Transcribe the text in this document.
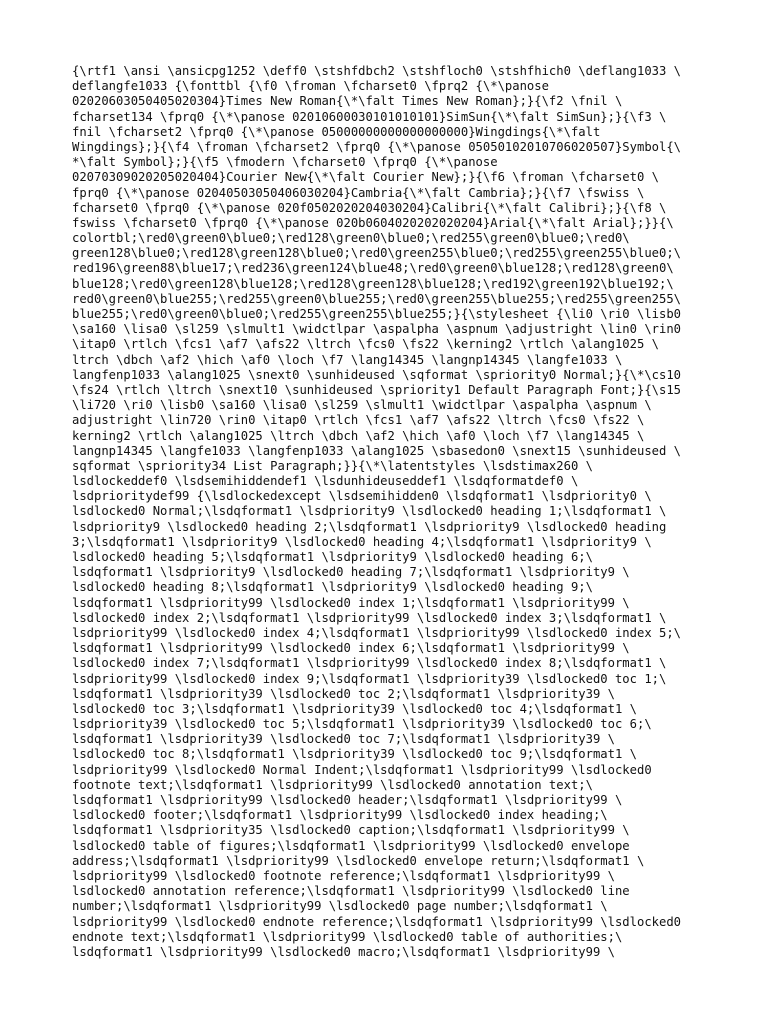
{\rtf1 \ansi \ansicpg1252 \deff0 \stshfdbch2 \stshfloch0 \stshfhich0 \deflang1033 \
deflangfe1033 {\fonttbl {\f0 \froman \fcharset0 \fprq2 {\*\panose
02020603050405020304}Times New Roman{\*\falt Times New Roman};}{\f2 \fnil \
fcharset134 \fprq0 {\*\panose 02010600030101010101}SimSun{\*\falt SimSun};}{\f3 \
fnil \fcharset2 \fprq0 {\*\panose 05000000000000000000}Wingdings{\*\falt
Wingdings};}{\f4 \froman \fcharset2 \fprq0 {\*\panose 05050102010706020507}Symbol{\
*\falt Symbol};}{\f5 \fmodern \fcharset0 \fprq0 {\*\panose
02070309020205020404}Courier New{\*\falt Courier New};}{\f6 \froman \fcharset0 \
fprq0 {\*\panose 02040503050406030204}Cambria{\*\falt Cambria};}{\f7 \fswiss \
fcharset0 \fprq0 {\*\panose 020f0502020204030204}Calibri{\*\falt Calibri};}{\f8 \
fswiss \fcharset0 \fprq0 {\*\panose 020b0604020202020204}Arial{\*\falt Arial};}}{\
colortbl;\red0\green0\blue0;\red128\green0\blue0;\red255\green0\blue0;\red0\
green128\blue0;\red128\green128\blue0;\red0\green255\blue0;\red255\green255\blue0;\
red196\green88\blue17;\red236\green124\blue48;\red0\green0\blue128;\red128\green0\
blue128;\red0\green128\blue128;\red128\green128\blue128;\red192\green192\blue192;\
red0\green0\blue255;\red255\green0\blue255;\red0\green255\blue255;\red255\green255\
blue255;\red0\green0\blue0;\red255\green255\blue255;}{\stylesheet {\li0 \ri0 \lisb0
\sa160 \lisa0 \sl259 \slmult1 \widctlpar \aspalpha \aspnum \adjustright \lin0 \rin0
\itap0 \rtlch \fcs1 \af7 \afs22 \ltrch \fcs0 \fs22 \kerning2 \rtlch \alang1025 \
ltrch \dbch \af2 \hich \af0 \loch \f7 \lang14345 \langnp14345 \langfe1033 \
langfenp1033 \alang1025 \snext0 \sunhideused \sqformat \spriority0 Normal;}{\*\cs10
\fs24 \rtlch \ltrch \snext10 \sunhideused \spriority1 Default Paragraph Font;}{\s15
\li720 \ri0 \lisb0 \sa160 \lisa0 \sl259 \slmult1 \widctlpar \aspalpha \aspnum \
adjustright \lin720 \rin0 \itap0 \rtlch \fcs1 \af7 \afs22 \ltrch \fcs0 \fs22 \
kerning2 \rtlch \alang1025 \ltrch \dbch \af2 \hich \af0 \loch \f7 \lang14345 \
langnp14345 \langfe1033 \langfenp1033 \alang1025 \sbasedon0 \snext15 \sunhideused \
sqformat \spriority34 List Paragraph;}}{\*\latentstyles \lsdstimax260 \
lsdlockeddef0 \lsdsemihiddendef1 \lsdunhideuseddef1 \lsdqformatdef0 \
lsdprioritydef99 {\lsdlockedexcept \lsdsemihidden0 \lsdqformat1 \lsdpriority0 \
lsdlocked0 Normal;\lsdqformat1 \lsdpriority9 \lsdlocked0 heading 1;\lsdqformat1 \
lsdpriority9 \lsdlocked0 heading 2;\lsdqformat1 \lsdpriority9 \lsdlocked0 heading
3;\lsdqformat1 \lsdpriority9 \lsdlocked0 heading 4;\lsdqformat1 \lsdpriority9 \
lsdlocked0 heading 5;\lsdqformat1 \lsdpriority9 \lsdlocked0 heading 6;\
lsdqformat1 \lsdpriority9 \lsdlocked0 heading 7;\lsdqformat1 \lsdpriority9 \
lsdlocked0 heading 8;\lsdqformat1 \lsdpriority9 \lsdlocked0 heading 9;\
lsdqformat1 \lsdpriority99 \lsdlocked0 index 1;\lsdqformat1 \lsdpriority99 \
lsdlocked0 index 2;\lsdqformat1 \lsdpriority99 \lsdlocked0 index 3;\lsdqformat1 \
lsdpriority99 \lsdlocked0 index 4;\lsdqformat1 \lsdpriority99 \lsdlocked0 index 5;\
lsdqformat1 \lsdpriority99 \lsdlocked0 index 6;\lsdqformat1 \lsdpriority99 \
lsdlocked0 index 7;\lsdqformat1 \lsdpriority99 \lsdlocked0 index 8;\lsdqformat1 \
lsdpriority99 \lsdlocked0 index 9;\lsdqformat1 \lsdpriority39 \lsdlocked0 toc 1;\
lsdqformat1 \lsdpriority39 \lsdlocked0 toc 2;\lsdqformat1 \lsdpriority39 \
lsdlocked0 toc 3;\lsdqformat1 \lsdpriority39 \lsdlocked0 toc 4;\lsdqformat1 \
lsdpriority39 \lsdlocked0 toc 5;\lsdqformat1 \lsdpriority39 \lsdlocked0 toc 6;\
lsdqformat1 \lsdpriority39 \lsdlocked0 toc 7;\lsdqformat1 \lsdpriority39 \
lsdlocked0 toc 8;\lsdqformat1 \lsdpriority39 \lsdlocked0 toc 9;\lsdqformat1 \
lsdpriority99 \lsdlocked0 Normal Indent;\lsdqformat1 \lsdpriority99 \lsdlocked0
footnote text;\lsdqformat1 \lsdpriority99 \lsdlocked0 annotation text;\
lsdqformat1 \lsdpriority99 \lsdlocked0 header;\lsdqformat1 \lsdpriority99 \
lsdlocked0 footer;\lsdqformat1 \lsdpriority99 \lsdlocked0 index heading;\
lsdqformat1 \lsdpriority35 \lsdlocked0 caption;\lsdqformat1 \lsdpriority99 \
lsdlocked0 table of figures;\lsdqformat1 \lsdpriority99 \lsdlocked0 envelope
address;\lsdqformat1 \lsdpriority99 \lsdlocked0 envelope return;\lsdqformat1 \
lsdpriority99 \lsdlocked0 footnote reference;\lsdqformat1 \lsdpriority99 \
lsdlocked0 annotation reference;\lsdqformat1 \lsdpriority99 \lsdlocked0 line
number;\lsdqformat1 \lsdpriority99 \lsdlocked0 page number;\lsdqformat1 \
lsdpriority99 \lsdlocked0 endnote reference;\lsdqformat1 \lsdpriority99 \lsdlocked0
endnote text;\lsdqformat1 \lsdpriority99 \lsdlocked0 table of authorities;\
lsdqformat1 \lsdpriority99 \lsdlocked0 macro;\lsdqformat1 \lsdpriority99 \
